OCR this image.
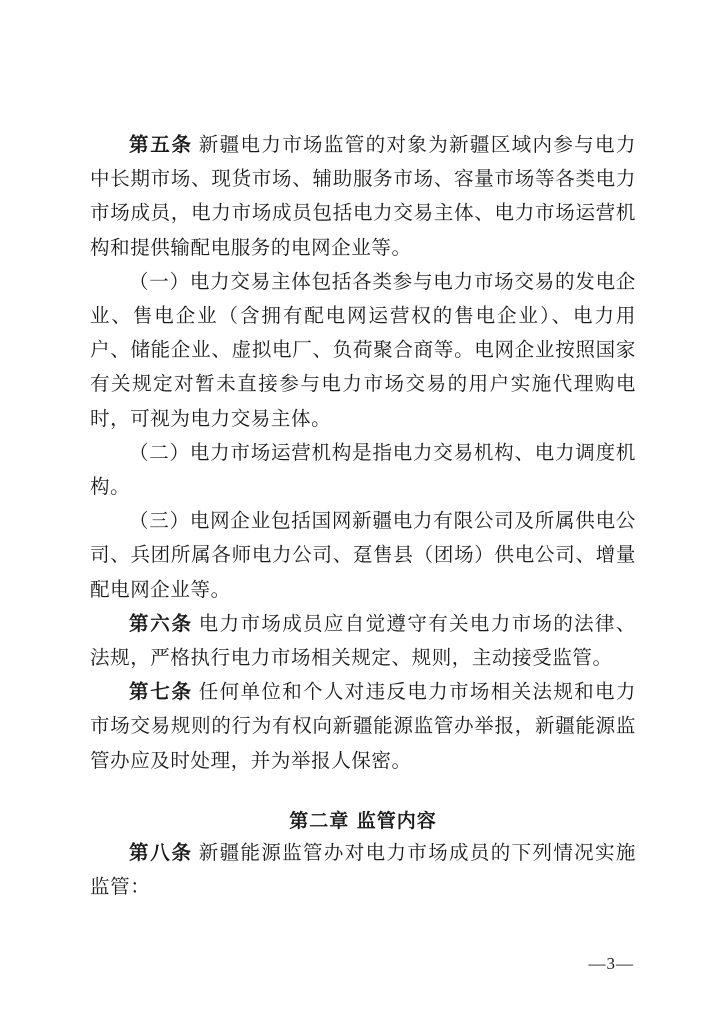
第五条 新疆电力市场监管的对象为新疆区域内参与电力中长期市场、现货市场、辅助服务市场、容量市场等各类电力市场成员，电力市场成员包括电力交易主体、电力市场运营机构和提供输配电服务的电网企业等。

（一）电力交易主体包括各类参与电力市场交易的发电企业、售电企业（含拥有配电网运营权的售电企业）、电力用户、储能企业、虚拟电厂、负荷聚合商等。电网企业按照国家有关规定对暂未直接参与电力市场交易的用户实施代理购电时，可视为电力交易主体。

（二）电力市场运营机构是指电力交易机构、电力调度机构。

（三）电网企业包括国网新疆电力有限公司及所属供电公司、兵团所属各师电力公司、趸售县（团场）供电公司、增量配电网企业等。

第六条 电力市场成员应自觉遵守有关电力市场的法律、法规，严格执行电力市场相关规定、规则，主动接受监管。

第七条 任何单位和个人对违反电力市场相关法规和电力市场交易规则的行为有权向新疆能源监管办举报，新疆能源监管办应及时处理，并为举报人保密。

第二章 监管内容

第八条 新疆能源监管办对电力市场成员的下列情况实施监管：

—3—
